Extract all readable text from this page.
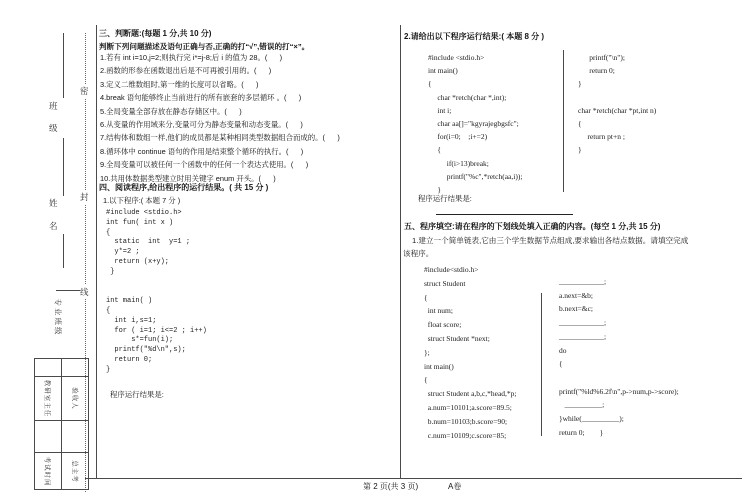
班
级
姓
名
密
封
线
专业班级
教研室主任	验收人
考试时间	总主考
三、判断题:(每题 1 分,共 10 分)
判断下列问题描述及语句正确与否,正确的打“√”,错误的打“×”。
1.若有 int i=10,j=2;则执行完 i*=j-8;后 i 的值为 28。(      )
2.函数的形参在函数退出后是不可再被引用的。(      )
3.定义二维数组时,第一维的长度可以省略。(      )
4.break 语句能够终止当前进行的所有嵌套的多层循环 。(      )
5.全局变量全部存放在静态存储区中。(      )
6.从变量的作用域来分,变量可分为静态变量和动态变量。(      )
7.结构体和数组一样,他们的成员都是某种相同类型数据组合而成的。(      )
8.循环体中 continue 语句的作用是结束整个循环的执行。(      )
9.全局变量可以被任何一个函数中的任何一个表达式使用。(      )
10.共用体数据类型建立时用关键字 enum 开头。(      )
四、阅读程序,给出程序的运行结果。( 共 15 分 )
1.以下程序:( 本题 7 分 )
#include <stdio.h>
int fun( int x )
{
static  int  y=1 ;
y*=2 ;
return (x+y);
}

int main( )
{
int i,s=1;
for ( i=1; i<=2 ; i++)
s*=fun(i);
printf("%d\n",s);
return 0;
}
程序运行结果是:
2.请给出以下程序运行结果:( 本题 8 分 )
#include <stdio.h>
int main()
{
char *retch(char *,int);
int i;
char aa[]="kgyrajegbgsfc";
for(i=0;    ;i+=2)
{
if(i>13)break;
printf("%c",*retch(aa,i));
}
printf("\n");
return 0;
}

char *retch(char *pt,int n)
{
return pt+n ;
}
程序运行结果是:
五、程序填空:请在程序的下划线处填入正确的内容。(每空 1 分,共 15 分)
1.建立一个简单链表,它由三个学生数据节点组成,要求输出各结点数据。请填空完成
该程序。
#include<stdio.h>
struct Student
{
int num;
float score;
struct Student *next;
};
int main()
{
struct Student a,b,c,*head,*p;
a.num=10101;a.score=89.5;
b.num=10103;b.score=90;
c.num=10109;c.score=85;
____________;
a.next=&b;
b.next=&c;
____________;
____________;
do
{

printf("%ld%6.2f\n",p->num,p->score);
__________;
}while(__________);
return 0;        }
第 2 页(共 3 页)	A卷
